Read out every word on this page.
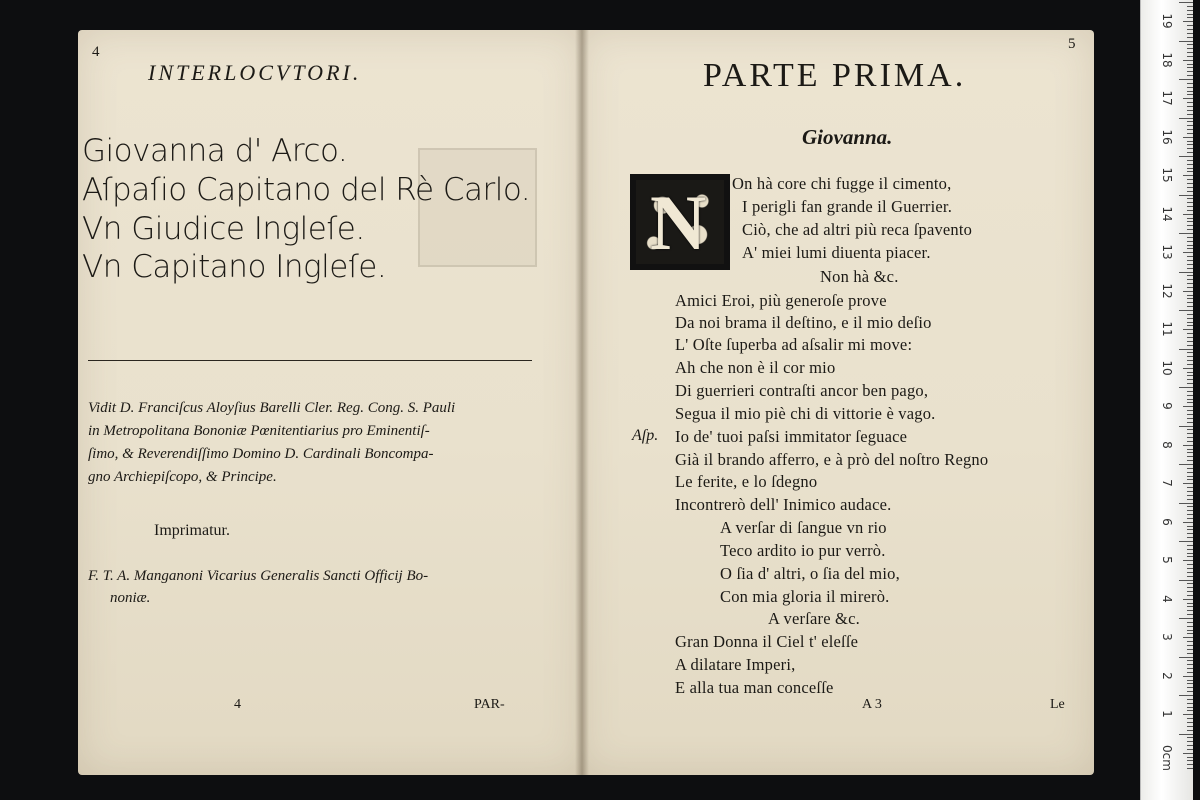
4
INTERLOCVTORI.
Giovanna d' Arco.
Aſpaſio Capitano del Rè Carlo.
Vn Giudice Ingleſe.
Vn Capitano Ingleſe.
Vidit D. Franciſcus Aloyſius Barelli Cler. Reg. Cong. S. Pauli
in Metropolitana Bononiæ Pœnitentiarius pro Eminentiſ-
ſimo, & Reverendiſſimo Domino D. Cardinali Boncompa-
gno Archiepiſcopo, & Principe.
Imprimatur.
F. T. A. Manganoni Vicarius Generalis Sancti Officij Bo-
noniæ.
4	PAR-
5
PARTE PRIMA.
Giovanna.
N On hà core chi fugge il cimento,
I perigli fan grande il Guerrier.
Ciò, che ad altri più reca ſpavento
A' miei lumi diuenta piacer.
Non hà &c.
Amici Eroi, più generoſe prove
Da noi brama il deſtino, e il mio deſio
L' Oſte ſuperba ad aſsalir mi move:
Ah che non è il cor mio
Di guerrieri contraſti ancor ben pago,
Segua il mio piè chi di vittorie è vago.
Aſp. Io de' tuoi paſsi immitator ſeguace
Già il brando afferro, e à prò del noſtro Regno
Le ferite, e lo ſdegno
Incontrerò dell' Inimico audace.
A verſar di ſangue vn rio
Teco ardito io pur verrò.
O ſia d' altri, o ſia del mio,
Con mia gloria il mirerò.
A verſare &c.
Gran Donna il Ciel t' eleſſe
A dilatare Imperi,
E alla tua man conceſſe
A 3	Le
19
18
17
16
15
14
13
12
11
10
9
8
7
6
5
4
3
2
1
0cm
